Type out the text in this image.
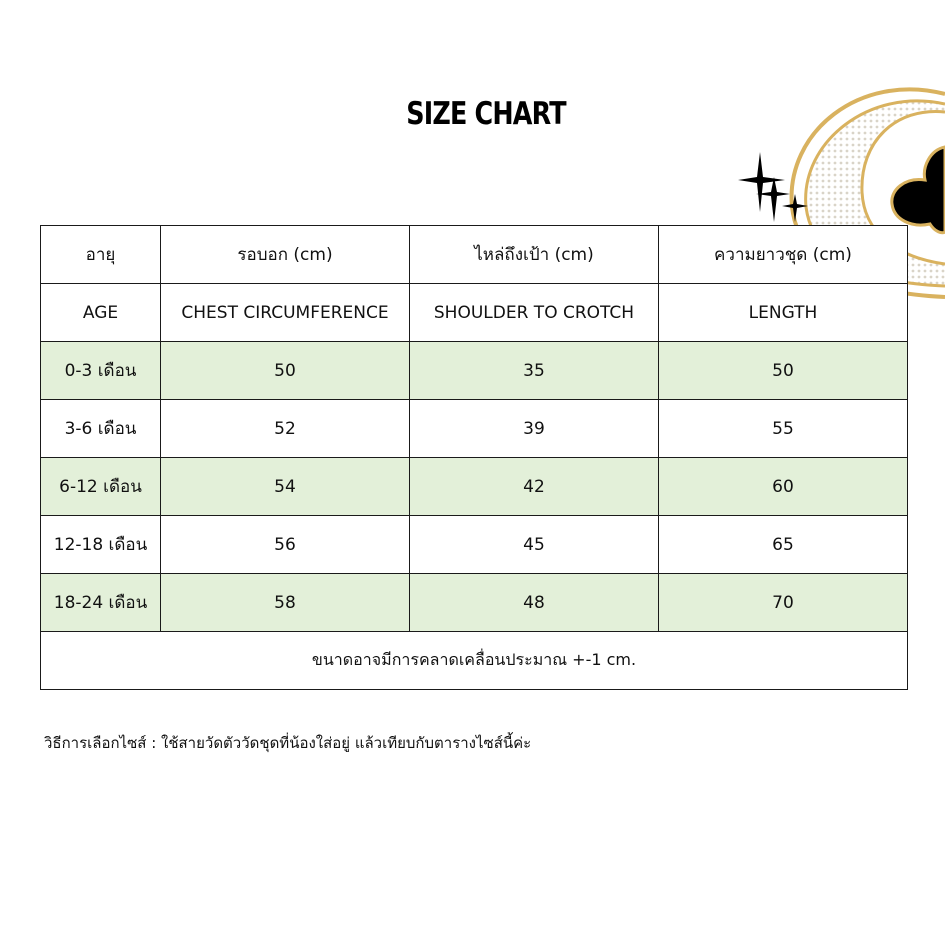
SIZE CHART
อายุ	รอบอก (cm)	ไหล่ถึงเป้า (cm)	ความยาวชุด (cm)
AGE	CHEST CIRCUMFERENCE	SHOULDER TO CROTCH	LENGTH
0-3 เดือน	50	35	50
3-6 เดือน	52	39	55
6-12 เดือน	54	42	60
12-18 เดือน	56	45	65
18-24 เดือน	58	48	70
ขนาดอาจมีการคลาดเคลื่อนประมาณ +-1 cm.			
วิธีการเลือกไซส์ : ใช้สายวัดตัววัดชุดที่น้องใส่อยู่ แล้วเทียบกับตารางไซส์นี้ค่ะ
